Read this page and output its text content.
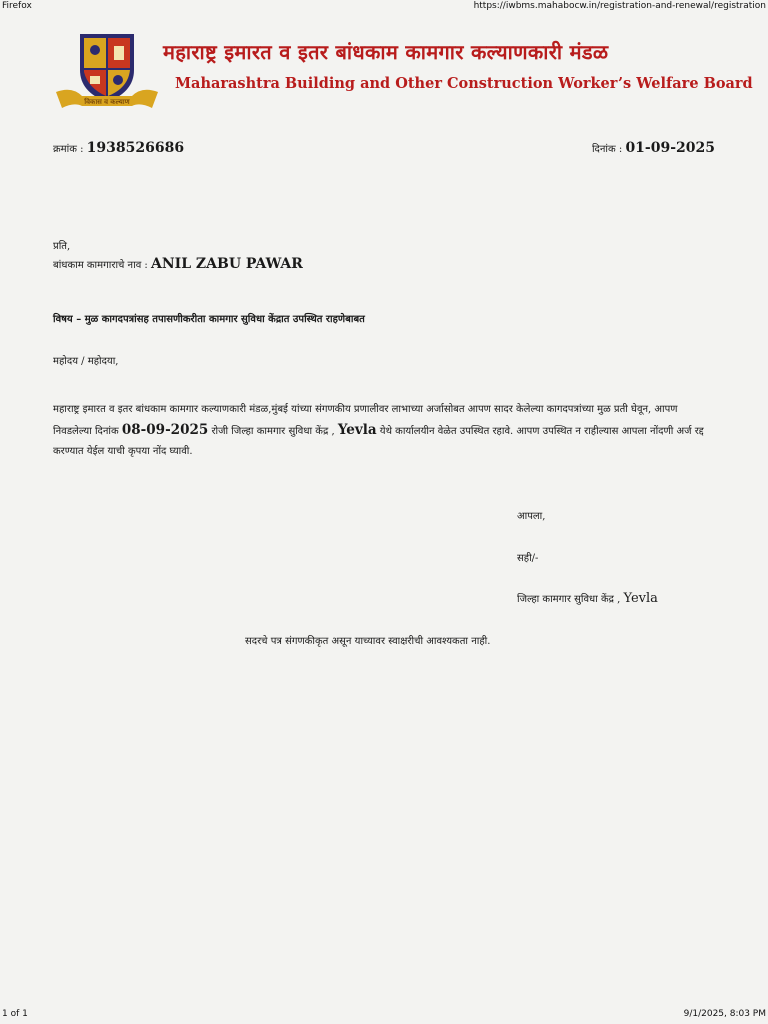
Firefox	https://iwbms.mahabocw.in/registration-and-renewal/registration
विकास व कल्याण
महाराष्ट्र इमारत व इतर बांधकाम कामगार कल्याणकारी मंडळ
Maharashtra Building and Other Construction Worker’s Welfare Board
क्रमांक : 1938526686	दिनांक : 01-09-2025
प्रति,
बांधकाम कामगाराचे नाव : ANIL ZABU PAWAR
विषय – मुळ कागदपत्रांसह तपासणीकरीता कामगार सुविधा केंद्रात उपस्थित राहणेबाबत
महोदय / महोदया,
महाराष्ट्र इमारत व इतर बांधकाम कामगार कल्याणकारी मंडळ,मुंबई यांच्या संगणकीय प्रणालीवर लाभाच्या अर्जासोबत आपण सादर केलेल्या कागदपत्रांच्या मुळ प्रती घेवून, आपण निवडलेल्या दिनांक 08-09-2025 रोजी जिल्हा कामगार सुविधा केंद्र , Yevla येथे कार्यालयीन वेळेत उपस्थित रहावे. आपण उपस्थित न राहील्यास आपला नोंदणी अर्ज रद्द करण्यात येईल याची कृपया नोंद घ्यावी.
आपला,
सही/-
जिल्हा कामगार सुविधा केंद्र , Yevla
सदरचे पत्र संगणकीकृत असून याच्यावर स्वाक्षरीची आवश्यकता नाही.
1 of 1	9/1/2025, 8:03 PM
